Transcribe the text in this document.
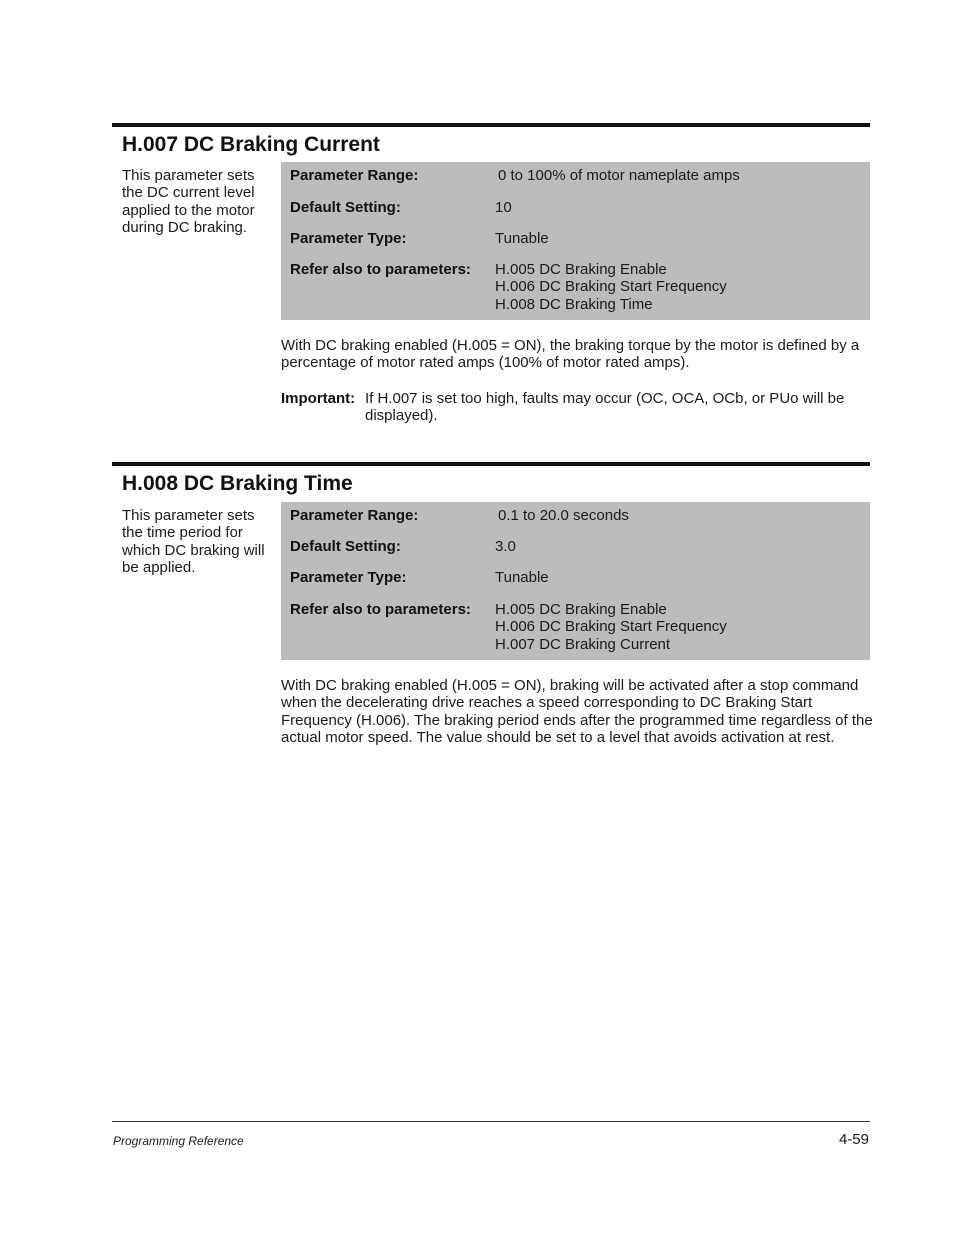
H.007 DC Braking Current
This parameter sets the DC current level applied to the motor during DC braking.
Parameter Range:	0 to 100% of motor nameplate amps
Default Setting:	10
Parameter Type:	Tunable
Refer also to parameters: H.005 DC Braking Enable
H.006 DC Braking Start Frequency
H.008 DC Braking Time
With DC braking enabled (H.005 = ON), the braking torque by the motor is defined by a percentage of motor rated amps (100% of motor rated amps).
Important: If H.007 is set too high, faults may occur (OC, OCA, OCb, or PUo will be displayed).
H.008 DC Braking Time
This parameter sets the time period for which DC braking will be applied.
Parameter Range:	0.1 to 20.0 seconds
Default Setting:	3.0
Parameter Type:	Tunable
Refer also to parameters: H.005 DC Braking Enable
H.006 DC Braking Start Frequency
H.007 DC Braking Current
With DC braking enabled (H.005 = ON), braking will be activated after a stop command when the decelerating drive reaches a speed corresponding to DC Braking Start Frequency (H.006). The braking period ends after the programmed time regardless of the actual motor speed. The value should be set to a level that avoids activation at rest.
Programming Reference	4-59
